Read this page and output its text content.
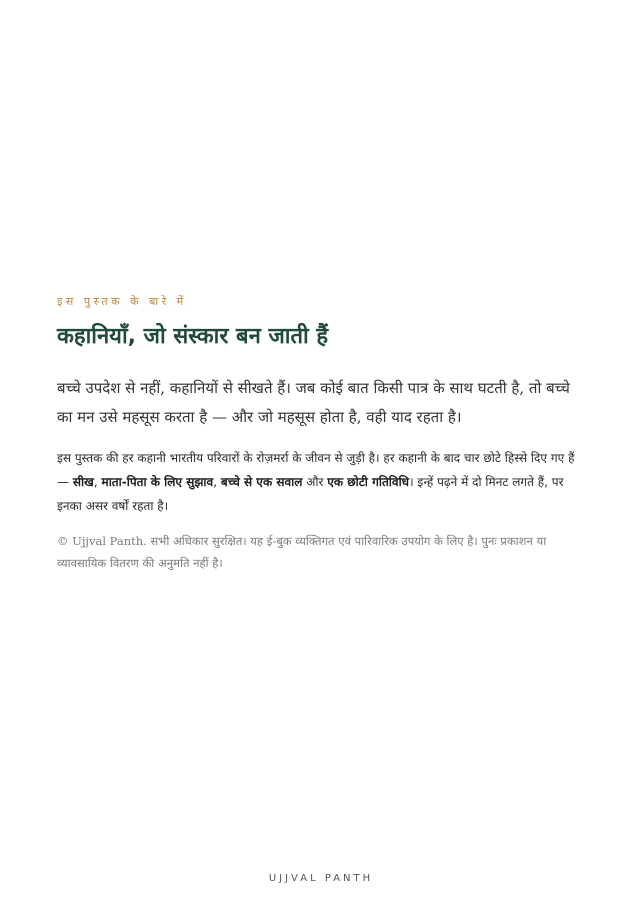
इस पुस्तक के बारे में
कहानियाँ, जो संस्कार बन जाती हैं

बच्चे उपदेश से नहीं, कहानियों से सीखते हैं। जब कोई बात किसी पात्र के साथ घटती है, तो बच्चे का मन उसे महसूस करता है — और जो महसूस होता है, वही याद रहता है।

इस पुस्तक की हर कहानी भारतीय परिवारों के रोज़मर्रा के जीवन से जुड़ी है। हर कहानी के बाद चार छोटे हिस्से दिए गए हैं — सीख, माता-पिता के लिए सुझाव, बच्चे से एक सवाल और एक छोटी गतिविधि। इन्हें पढ़ने में दो मिनट लगते हैं, पर इनका असर वर्षों रहता है।

© Ujjval Panth. सभी अधिकार सुरक्षित। यह ई-बुक व्यक्तिगत एवं पारिवारिक उपयोग के लिए है। पुनः प्रकाशन या व्यावसायिक वितरण की अनुमति नहीं है।

UJJVAL PANTH
